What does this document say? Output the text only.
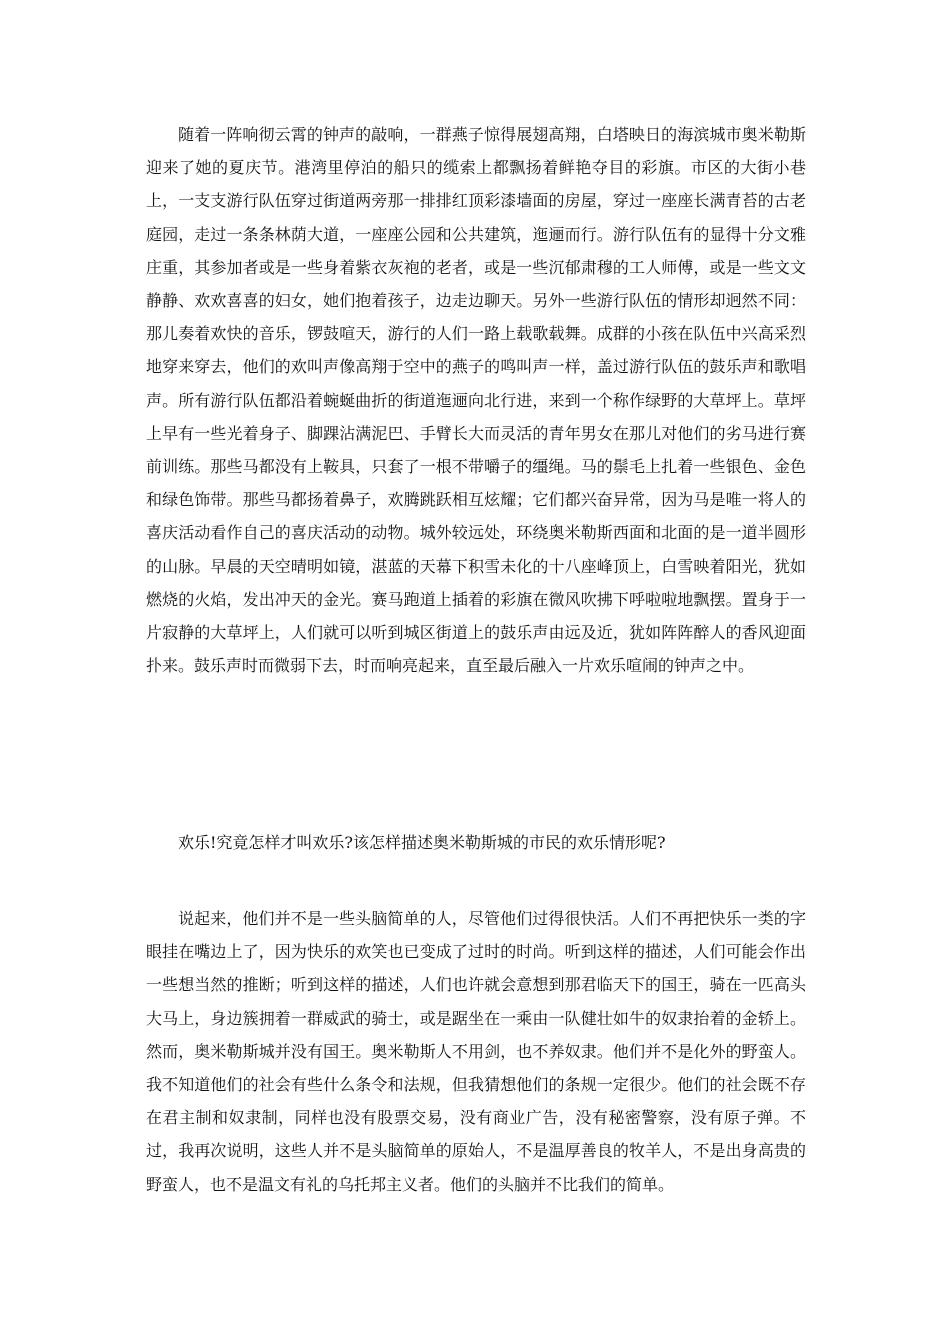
随着一阵响彻云霄的钟声的敲响，一群燕子惊得展翅高翔，白塔映日的海滨城市奥米勒斯迎来了她的夏庆节。港湾里停泊的船只的缆索上都飘扬着鲜艳夺目的彩旗。市区的大街小巷上，一支支游行队伍穿过街道两旁那一排排红顶彩漆墙面的房屋，穿过一座座长满青苔的古老庭园，走过一条条林荫大道，一座座公园和公共建筑，迤逦而行。游行队伍有的显得十分文雅庄重，其参加者或是一些身着紫衣灰袍的老者，或是一些沉郁肃穆的工人师傅，或是一些文文静静、欢欢喜喜的妇女，她们抱着孩子，边走边聊天。另外一些游行队伍的情形却迥然不同：那儿奏着欢快的音乐，锣鼓喧天，游行的人们一路上载歌载舞。成群的小孩在队伍中兴高采烈地穿来穿去，他们的欢叫声像高翔于空中的燕子的鸣叫声一样，盖过游行队伍的鼓乐声和歌唱声。所有游行队伍都沿着蜿蜒曲折的街道迤逦向北行进，来到一个称作绿野的大草坪上。草坪上早有一些光着身子、脚踝沾满泥巴、手臂长大而灵活的青年男女在那儿对他们的劣马进行赛前训练。那些马都没有上鞍具，只套了一根不带嚼子的缰绳。马的鬃毛上扎着一些银色、金色和绿色饰带。那些马都扬着鼻子，欢腾跳跃相互炫耀；它们都兴奋异常，因为马是唯一将人的喜庆活动看作自己的喜庆活动的动物。城外较远处，环绕奥米勒斯西面和北面的是一道半圆形的山脉。早晨的天空晴明如镜，湛蓝的天幕下积雪未化的十八座峰顶上，白雪映着阳光，犹如燃烧的火焰，发出冲天的金光。赛马跑道上插着的彩旗在微风吹拂下呼啦啦地飘摆。置身于一片寂静的大草坪上，人们就可以听到城区街道上的鼓乐声由远及近，犹如阵阵醉人的香风迎面扑来。鼓乐声时而微弱下去，时而响亮起来，直至最后融入一片欢乐喧闹的钟声之中。

欢乐!究竟怎样才叫欢乐?该怎样描述奥米勒斯城的市民的欢乐情形呢?

说起来，他们并不是一些头脑简单的人，尽管他们过得很快活。人们不再把快乐一类的字眼挂在嘴边上了，因为快乐的欢笑也已变成了过时的时尚。听到这样的描述，人们可能会作出一些想当然的推断；听到这样的描述，人们也许就会意想到那君临天下的国王，骑在一匹高头大马上，身边簇拥着一群威武的骑士，或是踞坐在一乘由一队健壮如牛的奴隶抬着的金轿上。然而，奥米勒斯城并没有国王。奥米勒斯人不用剑，也不养奴隶。他们并不是化外的野蛮人。我不知道他们的社会有些什么条令和法规，但我猜想他们的条规一定很少。他们的社会既不存在君主制和奴隶制，同样也没有股票交易，没有商业广告，没有秘密警察，没有原子弹。不过，我再次说明，这些人并不是头脑简单的原始人，不是温厚善良的牧羊人，不是出身高贵的野蛮人，也不是温文有礼的乌托邦主义者。他们的头脑并不比我们的简单。
